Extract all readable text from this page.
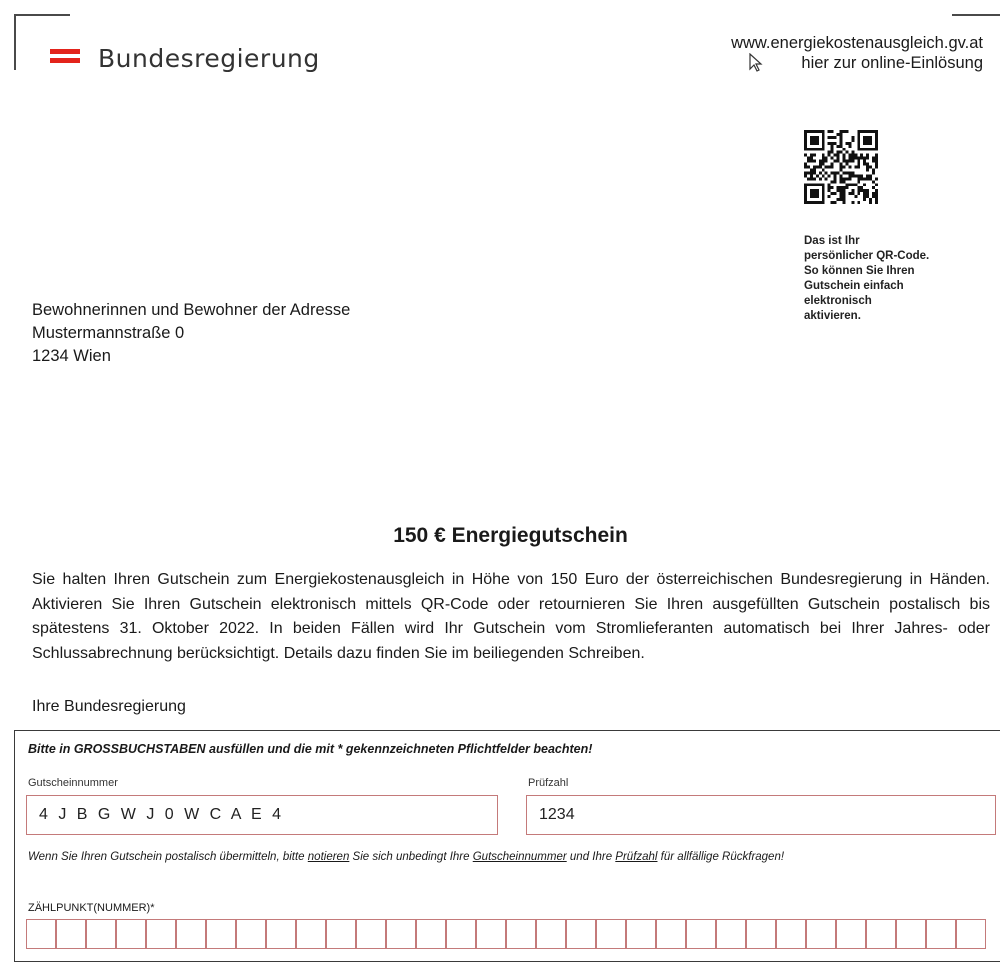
Bundesregierung
www.energiekostenausgleich.gv.at
hier zur online-Einlösung
Das ist Ihr
persönlicher QR-Code.
So können Sie Ihren
Gutschein einfach
elektronisch
aktivieren.
Bewohnerinnen und Bewohner der Adresse
Mustermannstraße 0
1234 Wien
150 € Energiegutschein
Sie halten Ihren Gutschein zum Energiekostenausgleich in Höhe von 150 Euro der österreichischen Bundesregierung in Händen. Aktivieren Sie Ihren Gutschein elektronisch mittels QR-Code oder retournieren Sie Ihren ausgefüllten Gutschein postalisch bis spätestens 31. Oktober 2022. In beiden Fällen wird Ihr Gutschein vom Stromlieferanten automatisch bei Ihrer Jahres- oder Schlussabrechnung berücksichtigt. Details dazu finden Sie im beiliegenden Schreiben.
Ihre Bundesregierung
Bitte in GROSSBUCHSTABEN ausfüllen und die mit * gekennzeichneten Pflichtfelder beachten!
Gutscheinnummer	Prüfzahl
4 J B G W J 0 W C A E 4	1234
Wenn Sie Ihren Gutschein postalisch übermitteln, bitte notieren Sie sich unbedingt Ihre Gutscheinnummer und Ihre Prüfzahl für allfällige Rückfragen!
ZÄHLPUNKT(NUMMER)*
